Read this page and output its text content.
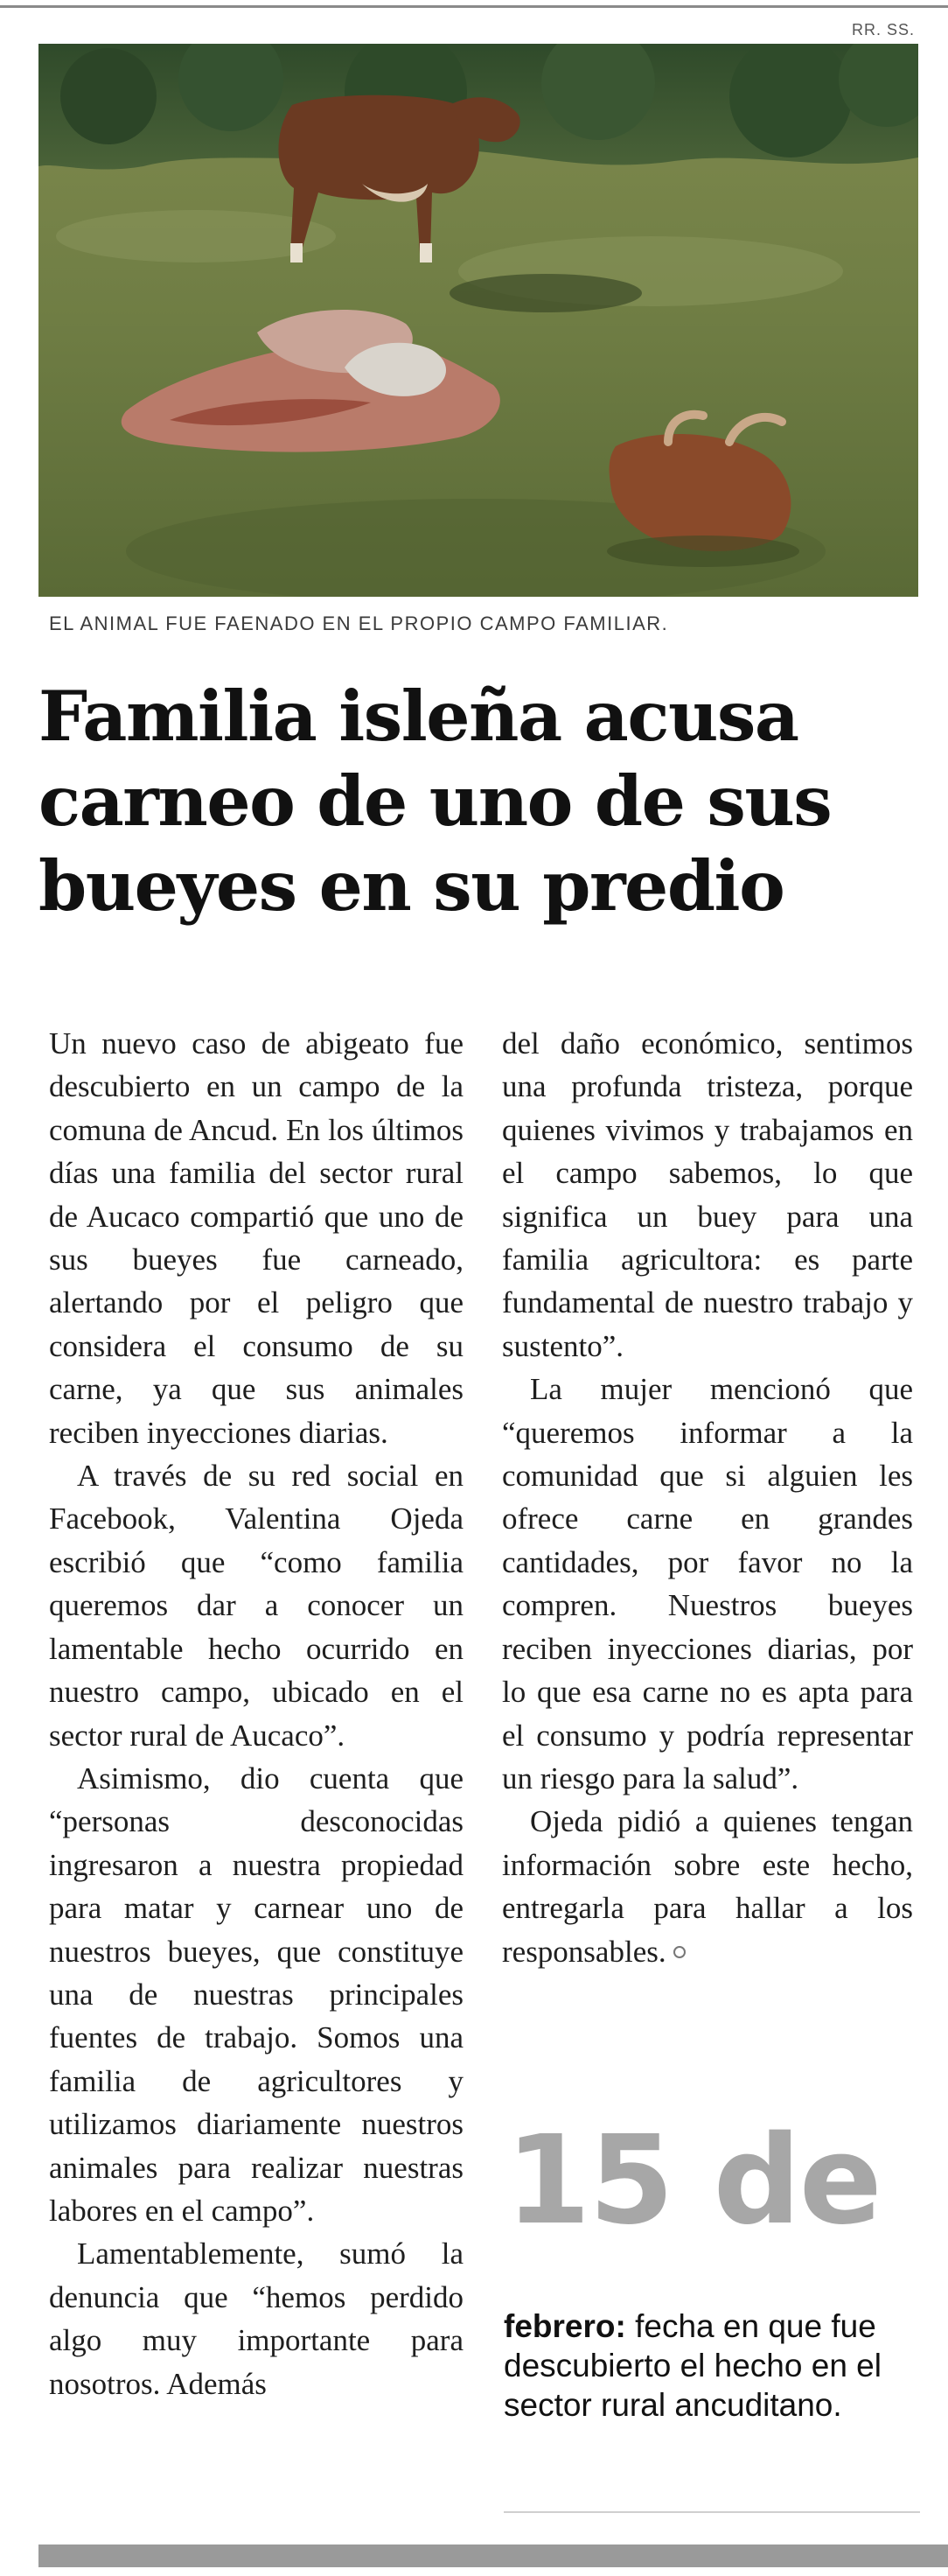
RR. SS.
EL ANIMAL FUE FAENADO EN EL PROPIO CAMPO FAMILIAR.
Familia isleña acusa
carneo de uno de sus
bueyes en su predio

Un nuevo caso de abigeato fue descubierto en un campo de la comuna de Ancud. En los últimos días una familia del sector rural de Aucaco compartió que uno de sus bueyes fue carneado, alertando por el peligro que considera el consumo de su carne, ya que sus animales reciben inyecciones diarias.

A través de su red social en Facebook, Valentina Ojeda escribió que “como familia queremos dar a conocer un lamentable hecho ocurrido en nuestro campo, ubicado en el sector rural de Aucaco”.

Asimismo, dio cuenta que “personas desconocidas ingresaron a nuestra propiedad para matar y carnear uno de nuestros bueyes, que constituye una de nuestras principales fuentes de trabajo. Somos una familia de agricultores y utilizamos diariamente nuestros animales para realizar nuestras labores en el campo”.

Lamentablemente, sumó la denuncia que “hemos perdido algo muy importante para nosotros. Además

del daño económico, sentimos una profunda tristeza, porque quienes vivimos y trabajamos en el campo sabemos, lo que significa un buey para una familia agricultora: es parte fundamental de nuestro trabajo y sustento”.

La mujer mencionó que “queremos informar a la comunidad que si alguien les ofrece carne en grandes cantidades, por favor no la compren. Nuestros bueyes reciben inyecciones diarias, por lo que esa carne no es apta para el consumo y podría representar un riesgo para la salud”.

Ojeda pidió a quienes tengan información sobre este hecho, entregarla para hallar a los responsables.

15 de
febrero: fecha en que fue descubierto el hecho en el sector rural ancuditano.
